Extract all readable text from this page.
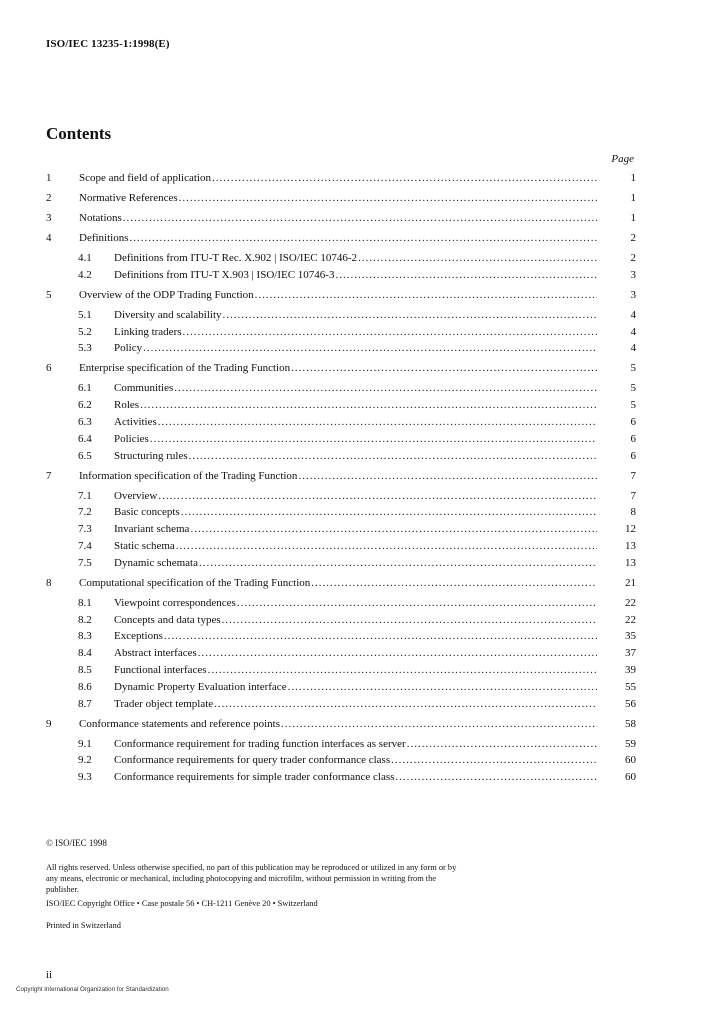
ISO/IEC 13235-1:1998(E)
Contents
Page
1	Scope and field of application .....	1
2	Normative References .....	1
3	Notations .....	1
4	Definitions .....	2
4.1 Definitions from ITU-T Rec. X.902 | ISO/IEC 10746-2 .....	2
4.2 Definitions from ITU-T X.903 | ISO/IEC 10746-3 .....	3
5	Overview of the ODP Trading Function .....	3
5.1 Diversity and scalability .....	4
5.2 Linking traders .....	4
5.3 Policy .....	4
6	Enterprise specification of the Trading Function .....	5
6.1 Communities .....	5
6.2 Roles .....	5
6.3 Activities .....	6
6.4 Policies .....	6
6.5 Structuring rules .....	6
7	Information specification of the Trading Function .....	7
7.1 Overview .....	7
7.2 Basic concepts .....	8
7.3 Invariant schema .....	12
7.4 Static schema .....	13
7.5 Dynamic schemata .....	13
8	Computational specification of the Trading Function .....	21
8.1 Viewpoint correspondences .....	22
8.2 Concepts and data types .....	22
8.3 Exceptions .....	35
8.4 Abstract interfaces .....	37
8.5 Functional interfaces .....	39
8.6 Dynamic Property Evaluation interface .....	55
8.7 Trader object template .....	56
9	Conformance statements and reference points .....	58
9.1 Conformance requirement for trading function interfaces as server .....	59
9.2 Conformance requirements for query trader conformance class .....	60
9.3 Conformance requirements for simple trader conformance class .....	60
© ISO/IEC 1998
All rights reserved. Unless otherwise specified, no part of this publication may be reproduced or utilized in any form or by any means, electronic or mechanical, including photocopying and microfilm, without permission in writing from the publisher.
ISO/IEC Copyright Office • Case postale 56 • CH-1211 Genève 20 • Switzerland
Printed in Switzerland
ii
Copyright International Organization for Standardization
